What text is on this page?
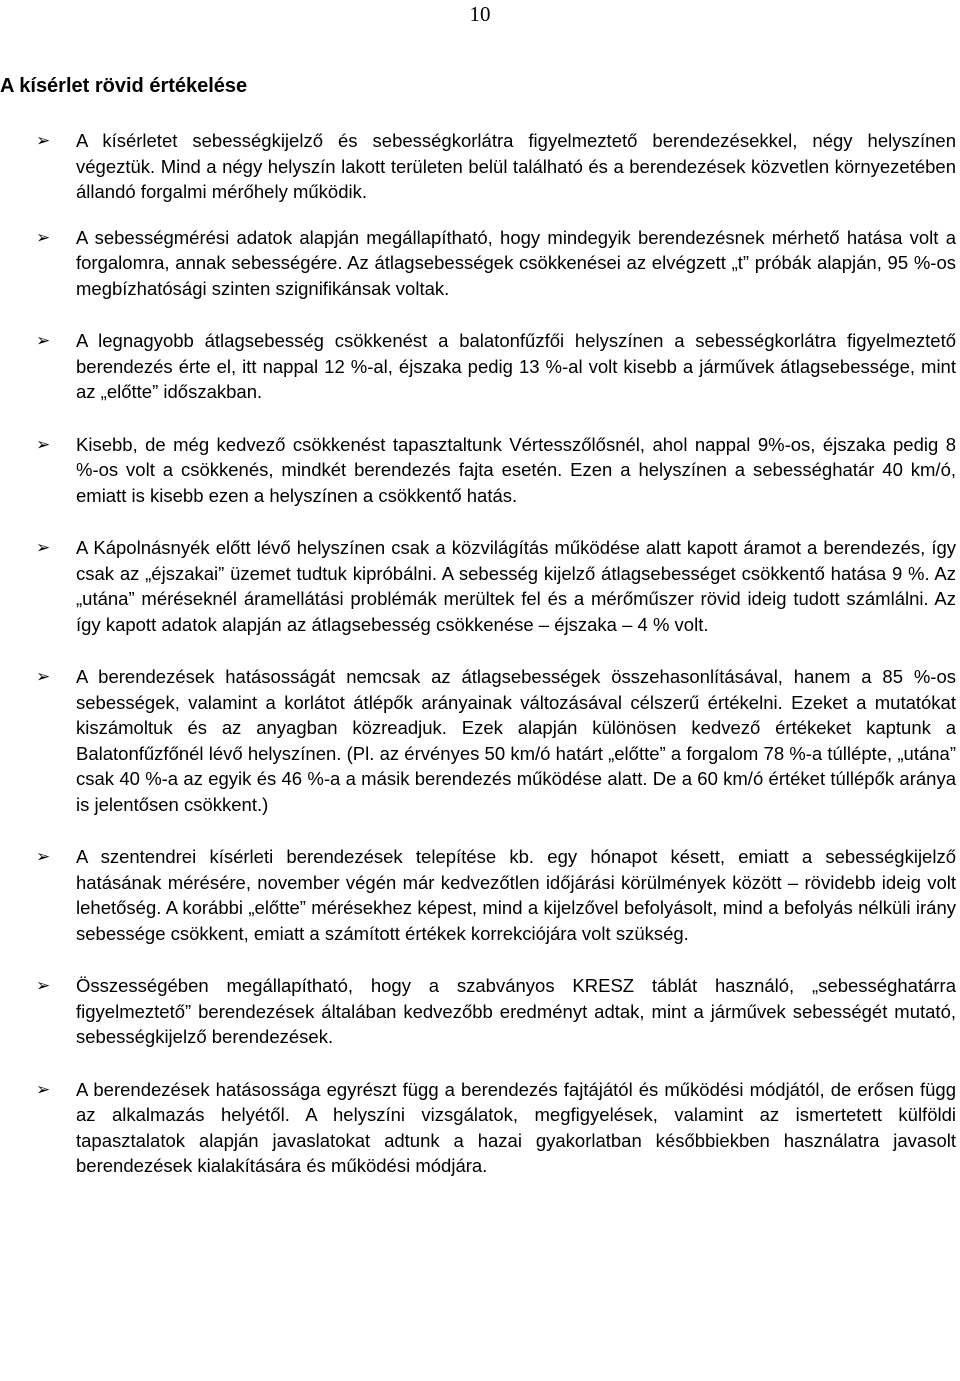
10
A kísérlet rövid értékelése
➢ A kísérletet sebességkijelző és sebességkorlátra figyelmeztető berendezésekkel, négy helyszínen végeztük. Mind a négy helyszín lakott területen belül található és a berendezések közvetlen környezetében állandó forgalmi mérőhely működik.
➢ A sebességmérési adatok alapján megállapítható, hogy mindegyik berendezésnek mérhető hatása volt a forgalomra, annak sebességére. Az átlagsebességek csökkenései az elvégzett „t” próbák alapján, 95 %-os megbízhatósági szinten szignifikánsak voltak.
➢ A legnagyobb átlagsebesség csökkenést a balatonfűzfői helyszínen a sebességkorlátra figyelmeztető berendezés érte el, itt nappal 12 %-al, éjszaka pedig 13 %-al volt kisebb a járművek átlagsebessége, mint az „előtte” időszakban.
➢ Kisebb, de még kedvező csökkenést tapasztaltunk Vértesszőlősnél, ahol nappal 9%-os, éjszaka pedig 8 %-os volt a csökkenés, mindkét berendezés fajta esetén. Ezen a helyszínen a sebességhatár 40 km/ó, emiatt is kisebb ezen a helyszínen a csökkentő hatás.
➢ A Kápolnásnyék előtt lévő helyszínen csak a közvilágítás működése alatt kapott áramot a berendezés, így csak az „éjszakai” üzemet tudtuk kipróbálni. A sebesség kijelző átlagsebességet csökkentő hatása 9 %. Az „utána” méréseknél áramellátási problémák merültek fel és a mérőműszer rövid ideig tudott számlálni. Az így kapott adatok alapján az átlagsebesség csökkenése – éjszaka – 4 % volt.
➢ A berendezések hatásosságát nemcsak az átlagsebességek összehasonlításával, hanem a 85 %-os sebességek, valamint a korlátot átlépők arányainak változásával célszerű értékelni. Ezeket a mutatókat kiszámoltuk és az anyagban közreadjuk. Ezek alapján különösen kedvező értékeket kaptunk a Balatonfűzfőnél lévő helyszínen. (Pl. az érvényes 50 km/ó határt „előtte” a forgalom 78 %-a túllépte, „utána” csak 40 %-a az egyik és 46 %-a a másik berendezés működése alatt. De a 60 km/ó értéket túllépők aránya is jelentősen csökkent.)
➢ A szentendrei kísérleti berendezések telepítése kb. egy hónapot késett, emiatt a sebességkijelző hatásának mérésére, november végén már kedvezőtlen időjárási körülmények között – rövidebb ideig volt lehetőség. A korábbi „előtte” mérésekhez képest, mind a kijelzővel befolyásolt, mind a befolyás nélküli irány sebessége csökkent, emiatt a számított értékek korrekciójára volt szükség.
➢ Összességében megállapítható, hogy a szabványos KRESZ táblát használó, „sebességhatárra figyelmeztető” berendezések általában kedvezőbb eredményt adtak, mint a járművek sebességét mutató, sebességkijelző berendezések.
➢ A berendezések hatásossága egyrészt függ a berendezés fajtájától és működési módjától, de erősen függ az alkalmazás helyétől. A helyszíni vizsgálatok, megfigyelések, valamint az ismertetett külföldi tapasztalatok alapján javaslatokat adtunk a hazai gyakorlatban későbbiekben használatra javasolt berendezések kialakítására és működési módjára.
